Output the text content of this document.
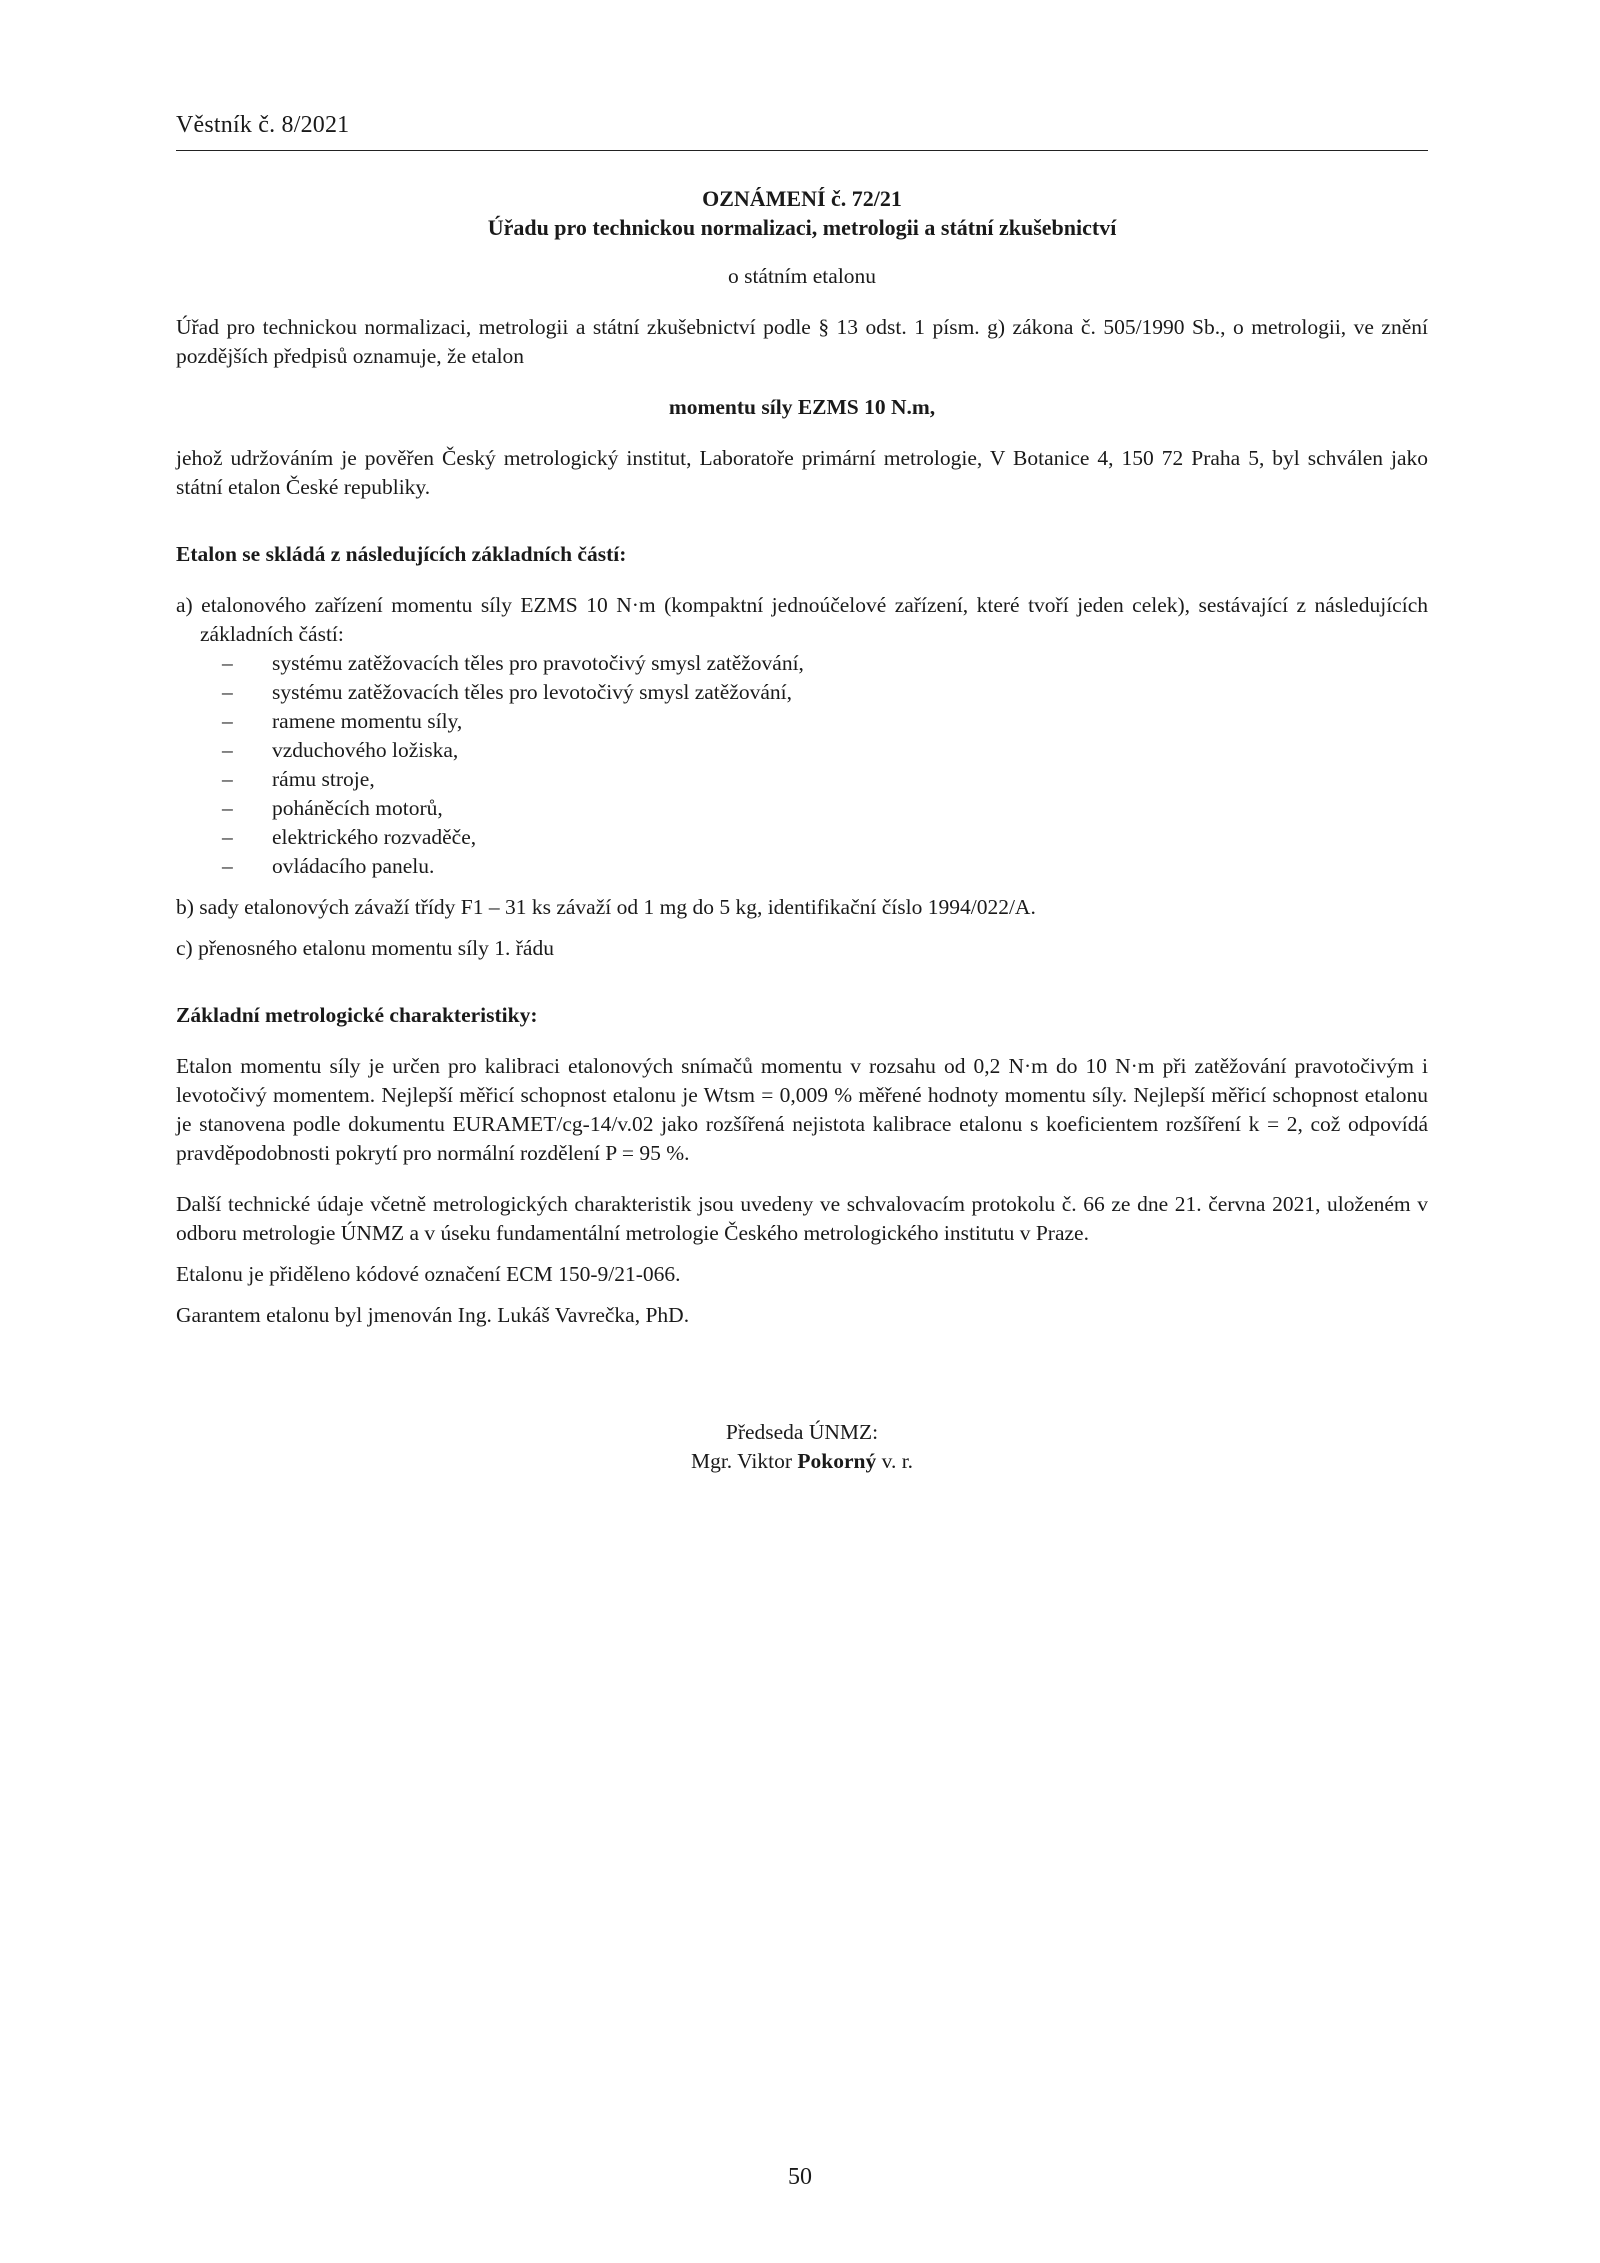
Věstník č. 8/2021

OZNÁMENÍ č. 72/21

Úřadu pro technickou normalizaci, metrologii a státní zkušebnictví

o státním etalonu

Úřad pro technickou normalizaci, metrologii a státní zkušebnictví podle § 13 odst. 1 písm. g) zákona č. 505/1990 Sb., o metrologii, ve znění pozdějších předpisů oznamuje, že etalon

momentu síly EZMS 10 N.m,

jehož udržováním je pověřen Český metrologický institut, Laboratoře primární metrologie, V Botanice 4, 150 72 Praha 5, byl schválen jako státní etalon České republiky.

Etalon se skládá z následujících základních částí:

a) etalonového zařízení momentu síly EZMS 10 N·m (kompaktní jednoúčelové zařízení, které tvoří jeden celek), sestávající z následujících základních částí:

– systému zatěžovacích těles pro pravotočivý smysl zatěžování,
– systému zatěžovacích těles pro levotočivý smysl zatěžování,
– ramene momentu síly,
– vzduchového ložiska,
– rámu stroje,
– poháněcích motorů,
– elektrického rozvaděče,
– ovládacího panelu.

b) sady etalonových závaží třídy F1 – 31 ks závaží od 1 mg do 5 kg, identifikační číslo 1994/022/A.

c) přenosného etalonu momentu síly 1. řádu

Základní metrologické charakteristiky:

Etalon momentu síly je určen pro kalibraci etalonových snímačů momentu v rozsahu od 0,2 N·m do 10 N·m při zatěžování pravotočivým i levotočivý momentem. Nejlepší měřicí schopnost etalonu je Wtsm = 0,009 % měřené hodnoty momentu síly. Nejlepší měřicí schopnost etalonu je stanovena podle dokumentu EURAMET/cg-14/v.02 jako rozšířená nejistota kalibrace etalonu s koeficientem rozšíření k = 2, což odpovídá pravděpodobnosti pokrytí pro normální rozdělení P = 95 %.

Další technické údaje včetně metrologických charakteristik jsou uvedeny ve schvalovacím protokolu č. 66 ze dne 21. června 2021, uloženém v odboru metrologie ÚNMZ a v úseku fundamentální metrologie Českého metrologického institutu v Praze.

Etalonu je přiděleno kódové označení ECM 150-9/21-066.

Garantem etalonu byl jmenován Ing. Lukáš Vavrečka, PhD.

Předseda ÚNMZ:

Mgr. Viktor Pokorný v. r.

50
